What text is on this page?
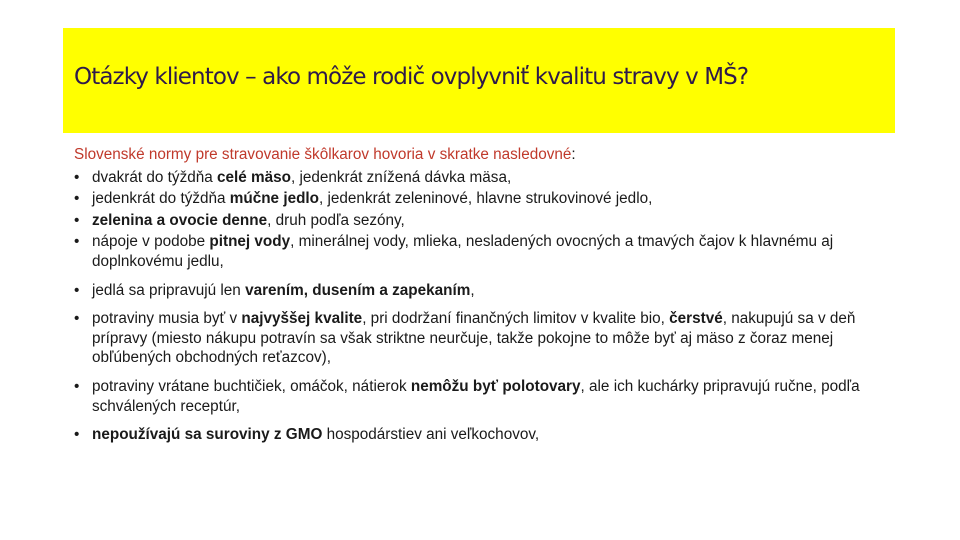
Otázky klientov – ako môže rodič ovplyvniť kvalitu stravy v MŠ?

Slovenské normy pre stravovanie škôlkarov hovoria v skratke nasledovné:

• dvakrát do týždňa celé mäso, jedenkrát znížená dávka mäsa,
• jedenkrát do týždňa múčne jedlo, jedenkrát zeleninové, hlavne strukovinové jedlo,
• zelenina a ovocie denne, druh podľa sezóny,
• nápoje v podobe pitnej vody, minerálnej vody, mlieka, nesladených ovocných a tmavých čajov k hlavnému aj doplnkovému jedlu,
• jedlá sa pripravujú len varením, dusením a zapekaním,
• potraviny musia byť v najvyššej kvalite, pri dodržaní finančných limitov v kvalite bio, čerstvé, nakupujú sa v deň prípravy (miesto nákupu potravín sa však striktne neurčuje, takže pokojne to môže byť aj mäso z čoraz menej obľúbených obchodných reťazcov),
• potraviny vrátane buchtičiek, omáčok, nátierok nemôžu byť polotovary, ale ich kuchárky pripravujú ručne, podľa schválených receptúr,
• nepoužívajú sa suroviny z GMO hospodárstiev ani veľkochovov,
